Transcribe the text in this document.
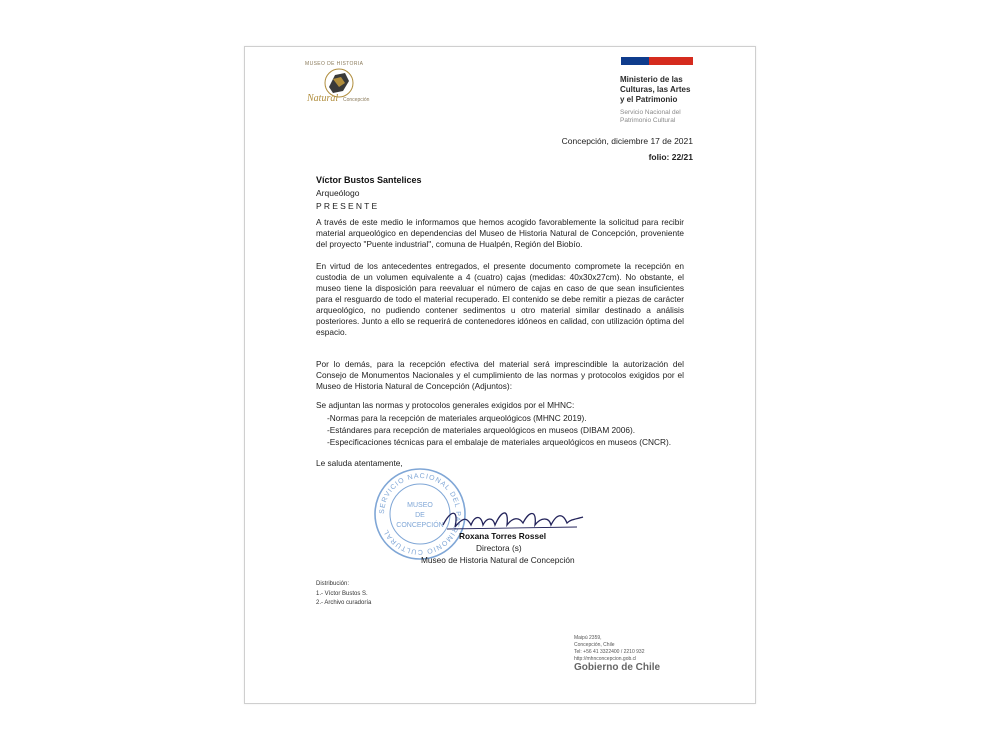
MUSEO DE HISTORIA
Natural Concepción
Ministerio de las
Culturas, las Artes
y el Patrimonio
Servicio Nacional del
Patrimonio Cultural
Concepción, diciembre 17 de 2021
folio: 22/21
Víctor Bustos Santelices
Arqueólogo
PRESENTE

A través de este medio le informamos que hemos acogido favorablemente la solicitud para recibir material arqueológico en dependencias del Museo de Historia Natural de Concepción, proveniente del proyecto "Puente industrial", comuna de Hualpén, Región del Biobío.

En virtud de los antecedentes entregados, el presente documento compromete la recepción en custodia de un volumen equivalente a 4 (cuatro) cajas (medidas: 40x30x27cm). No obstante, el museo tiene la disposición para reevaluar el número de cajas en caso de que sean insuficientes para el resguardo de todo el material recuperado. El contenido se debe remitir a piezas de carácter arqueológico, no pudiendo contener sedimentos u otro material similar destinado a análisis posteriores. Junto a ello se requerirá de contenedores idóneos en calidad, con utilización óptima del espacio.

Por lo demás, para la recepción efectiva del material será imprescindible la autorización del Consejo de Monumentos Nacionales y el cumplimiento de las normas y protocolos exigidos por el Museo de Historia Natural de Concepción (Adjuntos):

Se adjuntan las normas y protocolos generales exigidos por el MHNC:
-Normas para la recepción de materiales arqueológicos (MHNC 2019).
-Estándares para recepción de materiales arqueológicos en museos (DIBAM 2006).
-Especificaciones técnicas para el embalaje de materiales arqueológicos en museos (CNCR).
Le saluda atentamente,
SERVICIO NACIONAL DEL PATRIMONIO CULTURAL
MUSEO
DE
CONCEPCIÓN
Roxana Torres Rossel
Directora (s)
Museo de Historia Natural de Concepción
Distribución:
1.- Víctor Bustos S.
2.- Archivo curadoría
Maipú 2359,
Concepción, Chile
Tel: +56 41 3322400 / 2210 932
http://mhnconcepcion.gob.cl
Gobierno de Chile
